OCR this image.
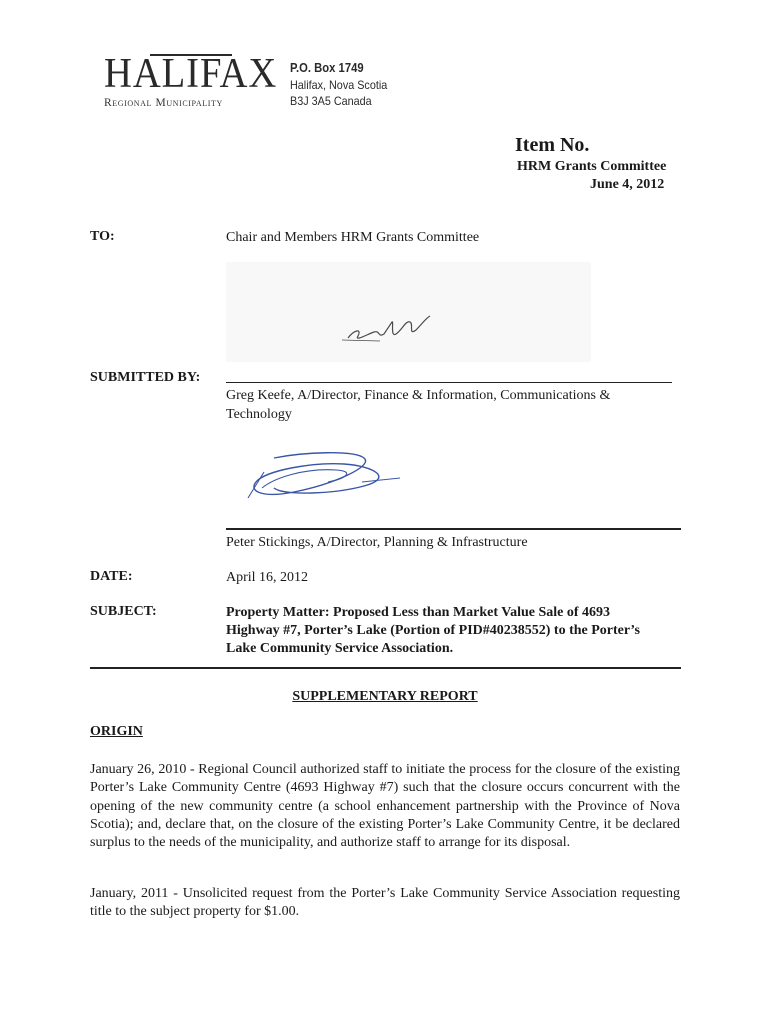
HALIFAX
Regional Municipality
P.O. Box 1749
Halifax, Nova Scotia
B3J 3A5 Canada
Item No.
HRM Grants Committee
June 4, 2012
TO:	Chair and Members HRM Grants Committee
SUBMITTED BY:
Greg Keefe, A/Director, Finance & Information, Communications &
Technology
Peter Stickings, A/Director, Planning & Infrastructure
DATE:	April 16, 2012
SUBJECT:	Property Matter: Proposed Less than Market Value Sale of 4693
Highway #7, Porter’s Lake (Portion of PID#40238552) to the Porter’s
Lake Community Service Association.
SUPPLEMENTARY REPORT
ORIGIN
January 26, 2010 - Regional Council authorized staff to initiate the process for the closure of the existing Porter’s Lake Community Centre (4693 Highway #7) such that the closure occurs concurrent with the opening of the new community centre (a school enhancement partnership with the Province of Nova Scotia); and, declare that, on the closure of the existing Porter’s Lake Community Centre, it be declared surplus to the needs of the municipality, and authorize staff to arrange for its disposal.
January, 2011 - Unsolicited request from the Porter’s Lake Community Service Association requesting title to the subject property for $1.00.
